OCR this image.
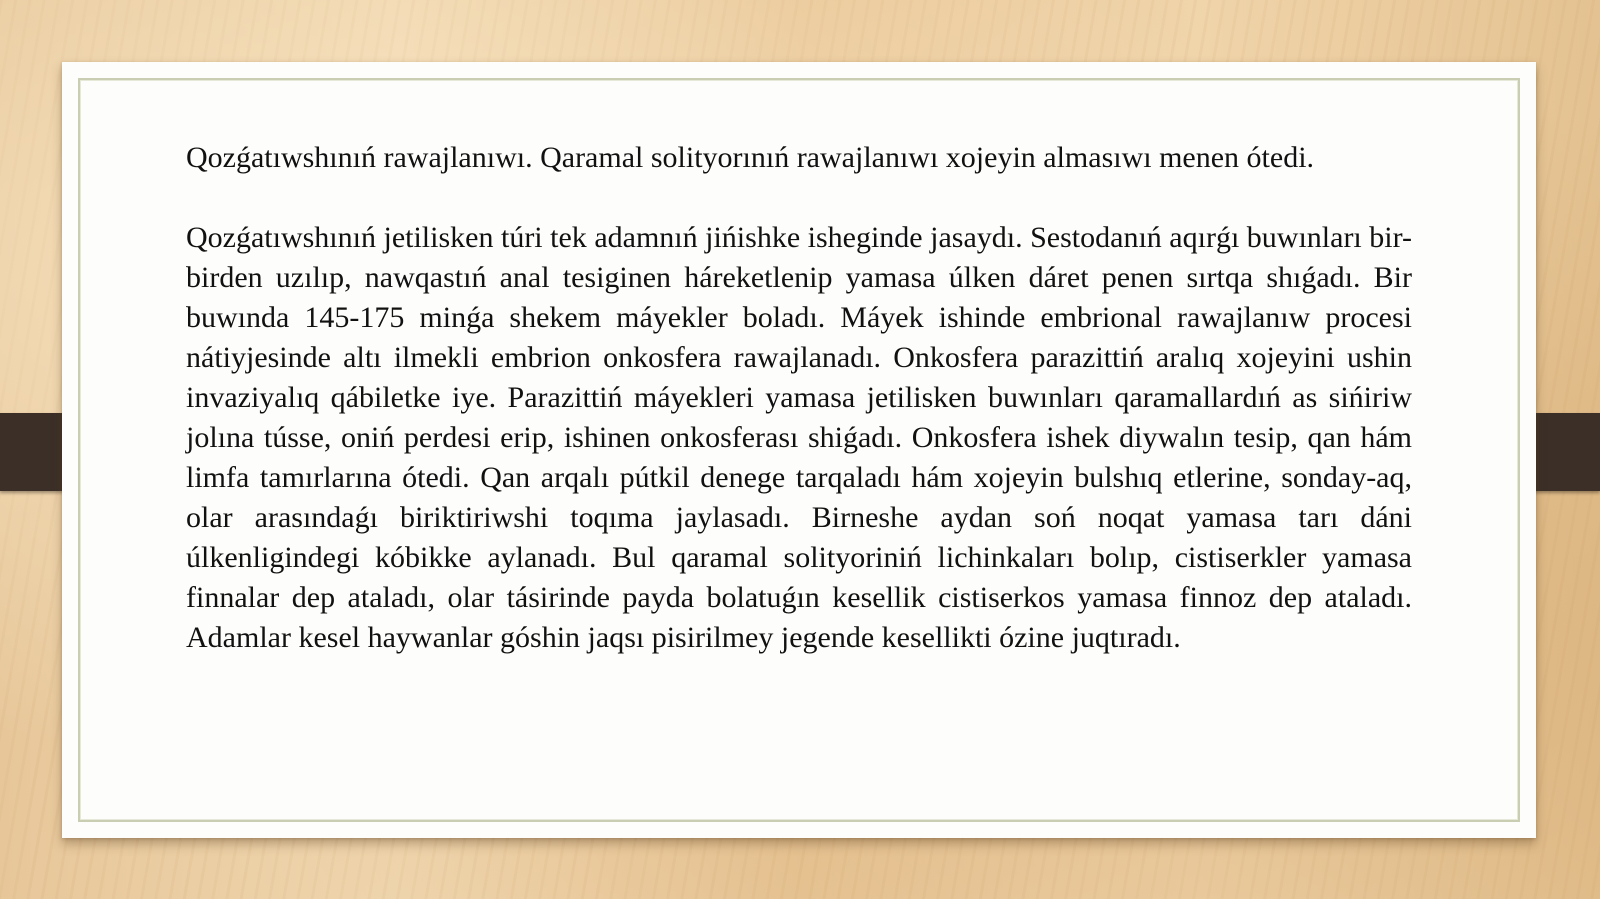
Qozǵatıwshınıń rawajlanıwı. Qaramal solityorınıń rawajlanıwı xojeyin almasıwı menen ótedi.

Qozǵatıwshınıń jetilisken túri tek adamnıń jińishke isheginde jasaydı. Sestodanıń aqırǵı buwınları bir-birden uzılıp, nawqastıń anal tesiginen háreketlenip yamasa úlken dáret penen sırtqa shıǵadı. Bir buwında 145-175 minǵa shekem máyekler boladı. Máyek ishinde embrional rawajlanıw procesi nátiyjesinde altı ilmekli embrion onkosfera rawajlanadı. Onkosfera parazittiń aralıq xojeyini ushin invaziyalıq qábiletke iye. Parazittiń máyekleri yamasa jetilisken buwınları qaramallardıń as sińiriw jolına tússe, oniń perdesi erip, ishinen onkosferası shiǵadı. Onkosfera ishek diywalın tesip, qan hám limfa tamırlarına ótedi. Qan arqalı pútkil denege tarqaladı hám xojeyin bulshıq etlerine, sonday-aq, olar arasındaǵı biriktiriwshi toqıma jaylasadı. Birneshe aydan soń noqat yamasa tarı dáni úlkenligindegi kóbikke aylanadı. Bul qaramal solityoriniń lichinkaları bolıp, cistiserkler yamasa finnalar dep ataladı, olar tásirinde payda bolatuǵın kesellik cistiserkos yamasa finnoz dep ataladı. Adamlar kesel haywanlar góshin jaqsı pisirilmey jegende kesellikti ózine juqtıradı.
